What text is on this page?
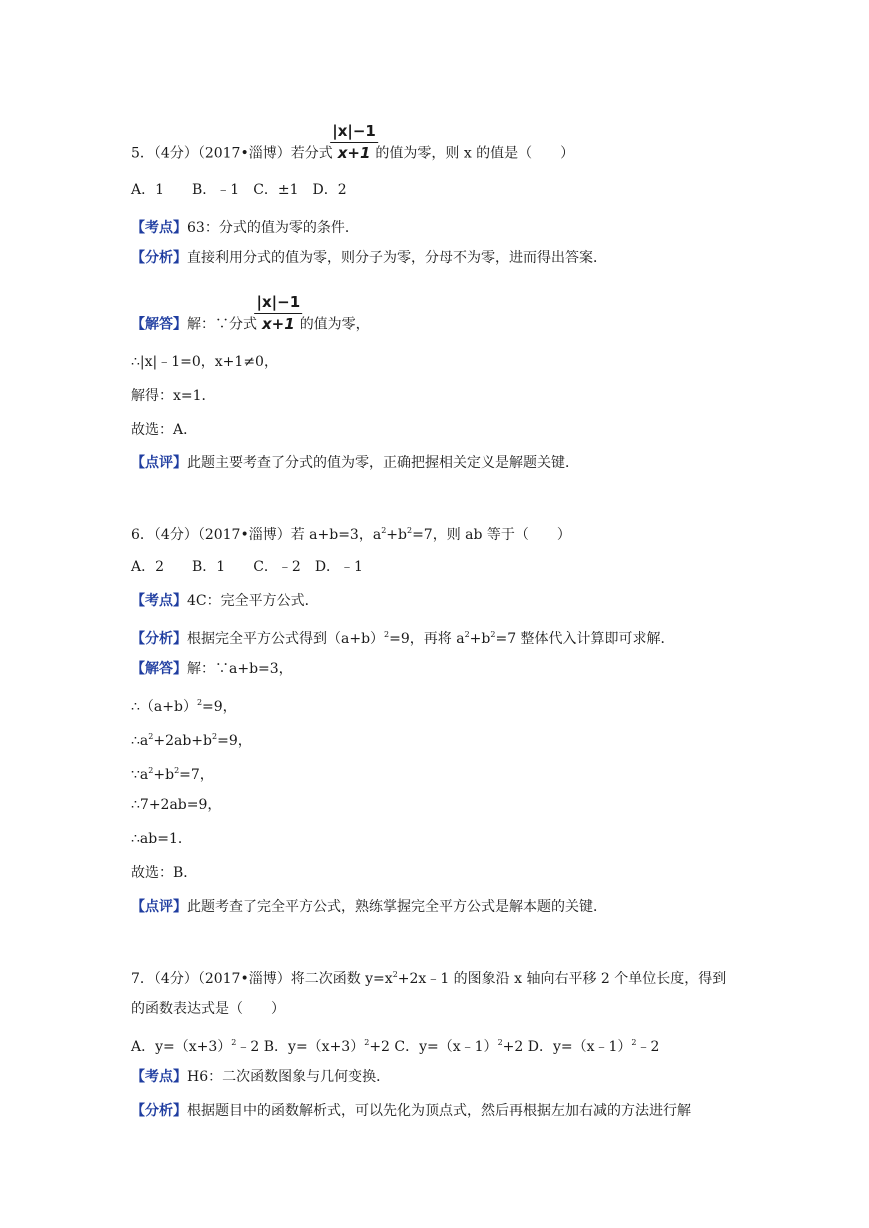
5．（4分）（2017•淄博）若分式 $\frac{|x|-1}{x+1}$ 的值为零，则 x 的值是（　　）
A．1　　B．﹣1　C．±1　D．2
【考点】63：分式的值为零的条件．
【分析】直接利用分式的值为零，则分子为零，分母不为零，进而得出答案．
【解答】解：∵分式 $\frac{|x|-1}{x+1}$ 的值为零，
∴|x|﹣1=0，x+1≠0，
解得：x=1．
故选：A．
【点评】此题主要考查了分式的值为零，正确把握相关定义是解题关键．
6．（4分）（2017•淄博）若 a+b=3，$a^2+b^2=7$，则 ab 等于（　　）
A．2　　B．1　　C．﹣2　D．﹣1
【考点】4C：完全平方公式．
【分析】根据完全平方公式得到$(a+b)^2=9$，再将 $a^2+b^2=7$ 整体代入计算即可求解．
【解答】解：∵a+b=3，
$\therefore(a+b)^2=9$，
$\therefore a^2+2ab+b^2=9$，
$\because a^2+b^2=7$，
∴7+2ab=9，
∴ab=1．
故选：B．
【点评】此题考查了完全平方公式，熟练掌握完全平方公式是解本题的关键．
7．（4分）（2017•淄博）将二次函数 $y=x^2+2x﹣1$ 的图象沿 x 轴向右平移 2 个单位长度，得到
的函数表达式是（　　）
A．$y=(x+3)^2﹣2$ B．$y=(x+3)^2+2$ C．y=（x﹣1）$^2$+2 D．y=（x﹣1）$^2$﹣2
【考点】H6：二次函数图象与几何变换．
【分析】根据题目中的函数解析式，可以先化为顶点式，然后再根据左加右减的方法进行解
